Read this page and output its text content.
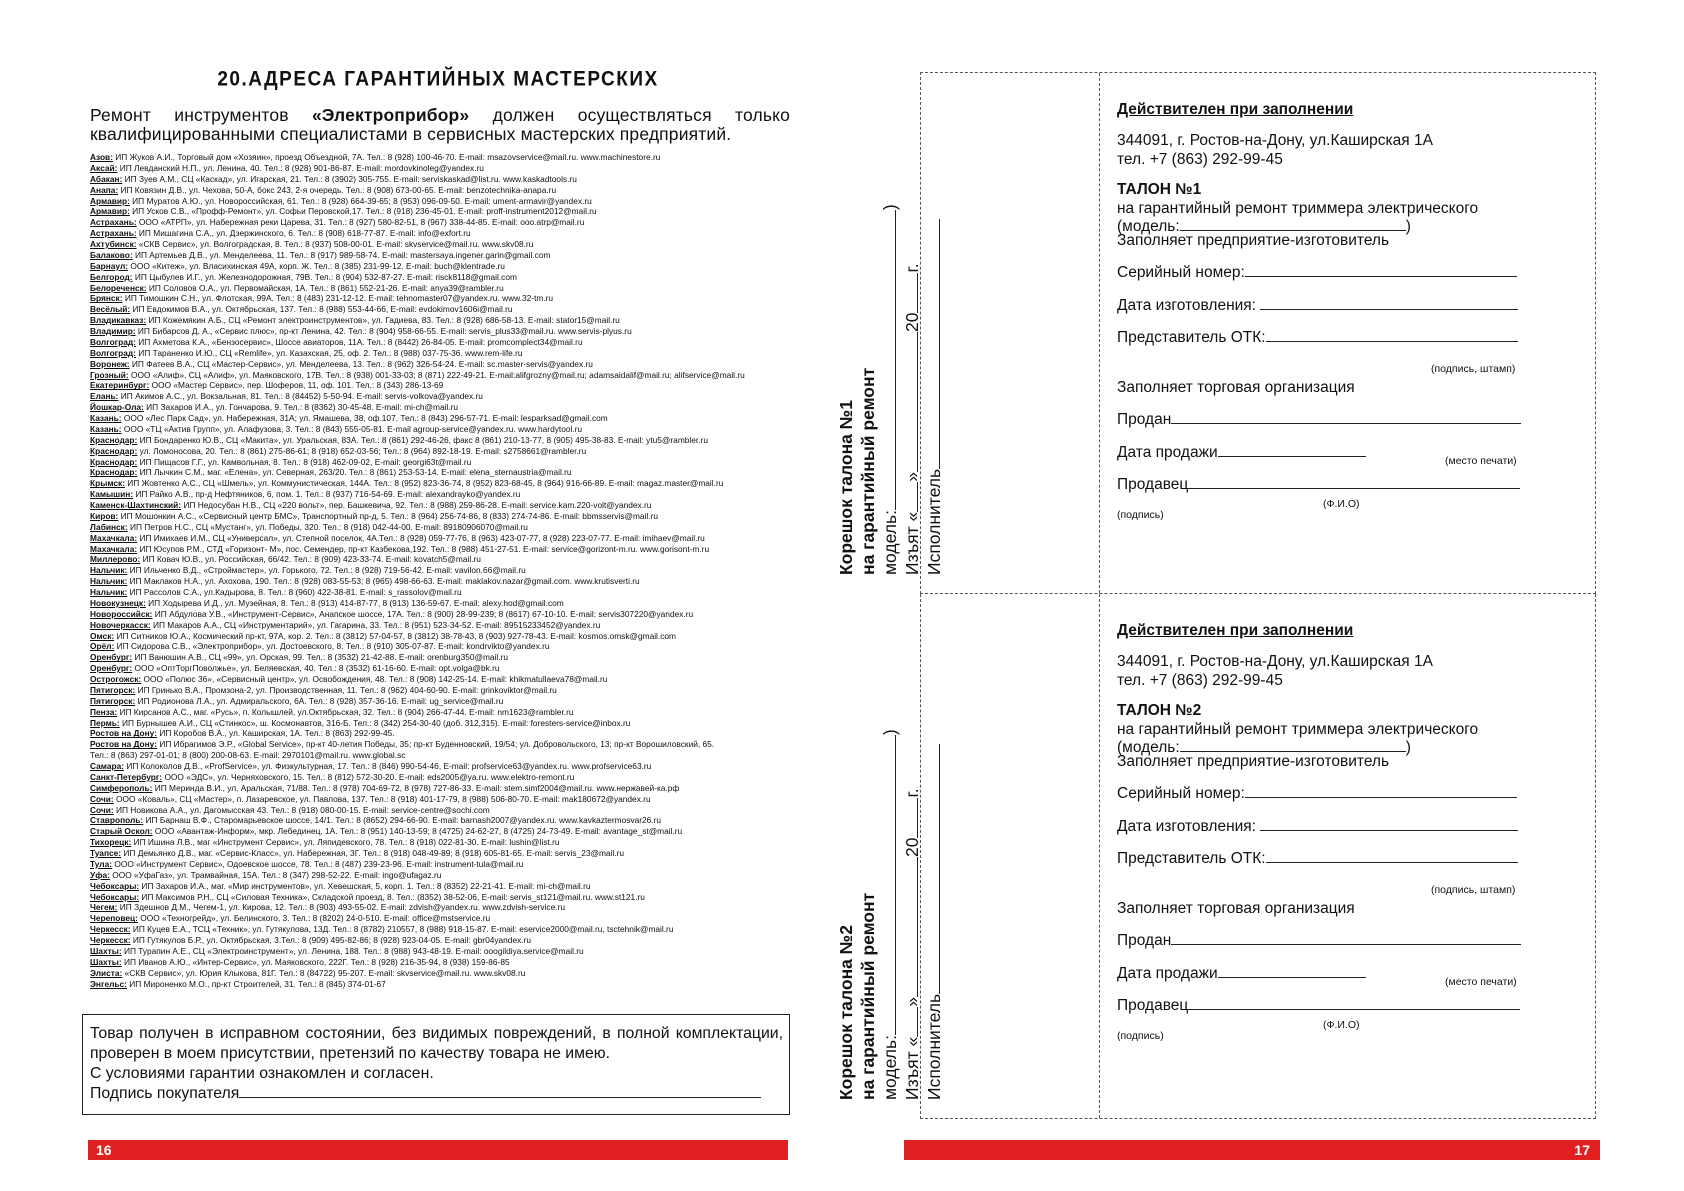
20.АДРЕСА ГАРАНТИЙНЫХ МАСТЕРСКИХ
Ремонт инструментов «Электроприбор» должен осуществляться только квалифицированными специалистами в сервисных мастерских предприятий.
Азов: ИП Жуков А.И., Торговый дом «Хозяин», проезд Объездной, 7А. Тел.: 8 (928) 100-46-70. E-mail: msazovservice@mail.ru. www.machinestore.ru
Аксай: ИП Левданский Н.П., ул. Ленина, 40. Тел.: 8 (928) 901-86-87. E-mail: mordovkinoleg@yandex.ru
Абакан: ИП Зуев А.М., СЦ «Каскад», ул. Игарская, 21. Тел.: 8 (3902) 305-755. E-mail: serviskaskad@list.ru. www.kaskadtools.ru
Анапа: ИП Ковязин Д.В., ул. Чехова, 50-А, бокс 243, 2-я очередь. Тел.: 8 (908) 673-00-65. E-mail: benzotechnika-anapa.ru
Армавир: ИП Муратов А.Ю., ул. Новороссийская, 61. Тел.: 8 (928) 664-39-65; 8 (953) 096-09-50. E-mail: ument-armavir@yandex.ru
Армавир: ИП Усков С.В., «Профф-Ремонт», ул. Софьи Перовской,17. Тел.: 8 (918) 236-45-01. E-mail: proff-instrument2012@mail.ru
Астрахань: ООО «АТРП», ул. Набережная реки Царева, 31. Тел.: 8 (927) 580-82-51, 8 (967) 338-44-85. E-mail: ooo.atrp@mail.ru
Астрахань: ИП Мишагина С.А., ул. Дзержинского, 6. Тел.: 8 (908) 618-77-87. E-mail: info@exfort.ru
Ахтубинск: «СКВ Сервис», ул. Волгоградская, 8. Тел.: 8 (937) 508-00-01. E-mail: skvservice@mail.ru. www.skv08.ru
Балаково: ИП Артемьев Д.В., ул. Менделеева, 11. Тел.: 8 (917) 989-58-74. E-mail: mastersaya.ingener.garin@gmail.com
Барнаул: ООО «Китеж», ул. Власихинская 49А, корп. Ж. Тел.: 8 (385) 231-99-12. E-mail: buch@klentrade.ru
Белгород: ИП Цыбулев И.Г., ул. Железнодорожная, 79В. Тел.: 8 (904) 532-87-27. E-mail: risck8118@gmail.com
Белореченск: ИП Соловов О.А., ул. Первомайская, 1А. Тел.: 8 (861) 552-21-26. E-mail: anya39@rambler.ru
Брянск: ИП Тимошкин С.Н., ул. Флотская, 99А. Тел.: 8 (483) 231-12-12. E-mail: tehnomaster07@yandex.ru. www.32-tm.ru
Весёлый: ИП Евдокимов В.А., ул. Октябрьская, 137. Тел.: 8 (988) 553-44-66, E-mail: evdokimov1606i@mail.ru
Владикавказ: ИП Кожемякин А.Б., СЦ «Ремонт электроинструментов», ул. Гадиева, 83. Тел.: 8 (928) 686-58-13. E-mail: stator15@mail.ru
Владимир: ИП Бибарсов Д. А., «Сервис плюс», пр-кт Ленина, 42. Тел.: 8 (904) 958-66-55. E-mail: servis_plus33@mail.ru. www.servis-plyus.ru
Волгоград: ИП Ахметова К.А., «Бензосервис», Шоссе авиаторов, 11А. Тел.: 8 (8442) 26-84-05. E-mail: promcomplect34@mail.ru
Волгоград: ИП Тараненко И.Ю., СЦ «Remlife», ул. Казахская, 25, оф. 2. Тел.: 8 (988) 037-75-36. www.rem-life.ru
Воронеж: ИП Фатеев В.А., СЦ «Мастер-Сервис», ул. Менделеева, 13. Тел.: 8 (962) 326-54-24. E-mail: sc.master-servis@yandex.ru
Грозный: ООО «Алиф», СЦ «Алиф», ул. Маяковского, 17В. Тел.: 8 (938) 001-33-03; 8 (871) 222-49-21. E-mail:alifgrozny@mail.ru; adamsaidalif@mail.ru; alifservice@mail.ru
Екатеринбург: ООО «Мастер Сервис», пер. Шоферов, 11, оф. 101. Тел.: 8 (343) 286-13-69
Елань: ИП Акимов А.С., ул. Вокзальная, 81. Тел.: 8 (84452) 5-50-94. E-mail: servis-volkova@yandex.ru
Йошкар-Ола: ИП Захаров И.А., ул. Гончарова, 9. Тел.: 8 (8362) 30-45-48. E-mail: mi-ch@mail.ru
Казань: ООО «Лес Парк Сад», ул. Набережная, 31А; ул. Ямашева, 38, оф.107. Тел.: 8 (843) 296-57-71. E-mail: lesparksad@gmail.com
Казань: ООО «ТЦ «Актив Групп», ул. Алафузова, 3. Тел.: 8 (843) 555-05-81. E-mail agroup-service@yandex.ru. www.hardytool.ru
Краснодар: ИП Бондаренко Ю.В., СЦ «Макита», ул. Уральская, 83А. Тел.: 8 (861) 292-46-26, факс 8 (861) 210-13-77, 8 (905) 495-38-83. E-mail: ytu5@rambler.ru
Краснодар: ул. Ломоносова, 20. Тел.: 8 (861) 275-86-61; 8 (918) 652-03-56; Тел.: 8 (964) 892-18-19. E-mail: s2758661@rambler.ru
Краснодар: ИП Пищасов Г.Г., ул. Камвольная, 8. Тел.: 8 (918) 462-09-02, E-mail: georgi63t@mail.ru
Краснодар: ИП Лычкин С.М., маг. «Елена», ул. Северная, 263/20. Тел.: 8 (861) 253-53-14. E-mail: elena_sternaustria@mail.ru
Крымск: ИП Жовтенко А.С., СЦ «Шмель», ул. Коммунистическая, 144А. Тел.: 8 (952) 823-36-74, 8 (952) 823-68-45, 8 (964) 916-66-89. E-mail: magaz.master@mail.ru
Камышин: ИП Райко А.В., пр-д Нефтяников, 6, пом. 1. Тел.: 8 (937) 716-54-69. E-mail: alexandrayko@yandex.ru
Каменск-Шахтинский: ИП Недосубан Н.В., СЦ «220 вольт», пер. Башкевича, 92. Тел.: 8 (988) 259-86-28. E-mail: service.kam.220-volt@yandex.ru
Киров: ИП Мошонкин А.С., «Сервисный центр БМС», Транспортный пр-д, 5. Тел.: 8 (964) 256-74-86, 8 (833) 274-74-86. E-mail: bbmsservis@mail.ru
Лабинск: ИП Петров Н.С., СЦ «Мустанг», ул. Победы, 320. Тел.: 8 (918) 042-44-00. E-mail: 89180906070@mail.ru
Махачкала: ИП Имихаев И.М., СЦ «Универсал», ул. Степной поселок, 4А.Тел.: 8 (928) 059-77-76, 8 (963) 423-07-77, 8 (928) 223-07-77. E-mail: imihaev@mail.ru
Махачкала: ИП Юсупов Р.М., СТД «Горизонт- М», пос. Семендер, пр-кт Казбекова,192. Тел.: 8 (988) 451-27-51. E-mail: service@gorizont-m.ru. www.gorisont-m.ru
Миллерово: ИП Ковач Ю.В., ул. Российская, 66/42. Тел.: 8 (909) 423-33-74. E-mail: kovatch5@mail.ru
Нальчик: ИП Ильченко В.Д., «Строймастер», ул. Горького, 72. Тел.: 8 (928) 719-56-42. E-mail: vavilon.66@mail.ru
Нальчик: ИП Маклаков Н.А., ул. Ахохова, 190. Тел.: 8 (928) 083-55-53; 8 (965) 498-66-63. E-mail: maklakov.nazar@gmail.com. www.krutisverti.ru
Нальчик: ИП Рассолов С.А., ул.Кадырова, 8. Тел.: 8 (960) 422-38-81. E-mail: s_rassolov@mail.ru
Новокузнецк: ИП Ходырева И.Д., ул. Музейная, 8. Тел.: 8 (913) 414-87-77, 8 (913) 136-59-67. E-mail: alexy.hod@gmail.com
Новороссийск: ИП Абдулова У.В., «Инструмент-Сервис», Анапское шоссе, 17А. Тел.: 8 (900) 28-99-239; 8 (8617) 67-10-10. E-mail: servis307220@yandex.ru
Новочеркасск: ИП Макаров А.А., СЦ «Инструментарий», ул. Гагарина, 33. Тел.: 8 (951) 523-34-52. E-mail: 89515233452@yandex.ru
Омск: ИП Ситников Ю.А., Космический пр-кт, 97А, кор. 2. Тел.: 8 (3812) 57-04-57, 8 (3812) 38-78-43, 8 (903) 927-78-43. E-mail: kosmos.omsk@gmail.com
Орёл: ИП Сидорова С.В., «Электроприбор», ул. Достоевского, 8. Тел.: 8 (910) 305-07-87. E-mail: kondrvikto@yandex.ru
Оренбург: ИП Ванюшин А.В., СЦ «99», ул. Орская, 99. Тел.: 8 (3532) 21-42-88. E-mail: orenburg350@mail.ru
Оренбург: ООО «ОптТоргПоволжье», ул. Беляевская, 40. Тел.: 8 (3532) 61-16-60. E-mail: opt.volga@bk.ru
Острогожск: ООО «Полюс 36», «Сервисный центр», ул. Освобождения, 48. Тел.: 8 (908) 142-25-14. E-mail: khikmatullaeva78@mail.ru
Пятигорск: ИП Гринько В.А., Промзона-2, ул. Производственная, 11. Тел.: 8 (962) 404-60-90. E-mail: grinkoviktor@mail.ru
Пятигорск: ИП Родионова Л.А., ул. Адмиральского, 6А. Тел.: 8 (928) 357-36-16. E-mail: ug_service@mail.ru
Пенза: ИП Кирсанов А.С., маг. «Русь», п. Колышлей, ул.Октябрьская, 32. Тел.: 8 (904) 266-47-44. E-mail: nm1623@rambler.ru
Пермь: ИП Бурнышев А.И., СЦ «Стинкос», ш. Космонавтов, 316-Б. Тел.: 8 (342) 254-30-40 (доб. 312,315). E-mail: foresters-service@inbox.ru
Ростов на Дону: ИП Коробов В.А., ул. Каширская, 1А. Тел.: 8 (863) 292-99-45.
Ростов на Дону: ИП Ибрагимов Э.Р., «Global Service», пр-кт 40-летия Победы, 35; пр-кт Буденновский, 19/54; ул. Добровольского, 13; пр-кт Ворошиловский, 65.
Тел.: 8 (863) 297-01-01; 8 (800) 200-08-63. E-mail: 2970101@mail.ru. www.global.sc
Самара: ИП Колоколов Д.В., «ProfService», ул. Физкультурная, 17. Тел.: 8 (846) 990-54-46, E-mail: profservice63@yandex.ru. www.profservice63.ru
Санкт-Петербург: ООО «ЭДС», ул. Черняховского, 15. Тел.: 8 (812) 572-30-20. E-mail: eds2005@ya.ru. www.elektro-remont.ru
Симферополь: ИП Меринда В.И., ул. Аральская, 71/88. Тел.: 8 (978) 704-69-72, 8 (978) 727-86-33. E-mail: stem.simf2004@mail.ru. www.нержавей-ка.рф
Сочи: ООО «Коваль», СЦ «Мастер», п. Лазаревское, ул. Павлова, 137. Тел.: 8 (918) 401-17-79, 8 (988) 506-80-70. E-mail: mak180672@yandex.ru
Сочи: ИП Новикова А.А., ул. Дагомысская 43. Тел.: 8 (918) 080-00-15. E-mail: service-centre@sochi.com
Ставрополь: ИП Барнаш В.Ф., Старомарьевское шоссе, 14/1. Тел.: 8 (8652) 294-66-90. E-mail: barnash2007@yandex.ru. www.kavkaztermosvar26.ru
Старый Оскол: ООО «Авантаж-Информ», мкр. Лебединец, 1А. Тел.: 8 (951) 140-13-59; 8 (4725) 24-62-27, 8 (4725) 24-73-49. E-mail: avantage_st@mail.ru
Тихорецк: ИП Ишина Л.В., маг «Инструмент Сервис», ул. Ляпидевского, 78. Тел.: 8 (918) 022-81-30. E-mail: lushin@list.ru
Туапсе: ИП Демьянко Д.В., маг. «Сервис-Класс», ул. Набережная, 3Г. Тел.: 8 (918) 048-49-89; 8 (918) 605-81-65. E-mail: servis_23@mail.ru
Тула: ООО «Инструмент Сервис», Одоевское шоссе, 78. Тел.: 8 (487) 239-23-96. E-mail: instrument-tula@mail.ru
Уфа: ООО «УфаГаз», ул. Трамвайная, 15А. Тел.: 8 (347) 298-52-22. E-mail: ingo@ufagaz.ru
Чебоксары: ИП Захаров И.А., маг. «Мир инструментов», ул. Хевешская, 5, корп. 1. Тел.: 8 (8352) 22-21-41. E-mail: mi-ch@mail.ru
Чебоксары: ИП Максимов Р.Н., СЦ «Силовая Техника», Складской проезд, 8. Тел.: (8352) 38-52-06, E-mail: servis_st121@mail.ru. www.st121.ru
Чегем: ИП Здешнов Д.М., Чегем-1, ул. Кирова, 12. Тел.: 8 (903) 493-55-02. E-mail: zdvish@yandex.ru. www.zdvish-service.ru
Череповец: ООО «Техногрейд», ул. Белинского, 3. Тел.: 8 (8202) 24-0-510. E-mail: office@mstservice.ru
Черкесск: ИП Куцев Е.А., ТСЦ «Техник», ул. Гутякулова, 13Д. Тел.: 8 (8782) 210557, 8 (988) 918-15-87. E-mail: eservice2000@mail.ru, tsctehnik@mail.ru
Черкесск: ИП Гутякулов Б.Р., ул. Октябрьская, 3.Тел.: 8 (909) 495-82-86; 8 (928) 923-04-05. E-mail: gbr04yandex.ru
Шахты: ИП Турапин А.Е., СЦ «Электроинструмент», ул. Ленина, 188. Тел.: 8 (988) 943-48-19. E-mail: ooogildiya.service@mail.ru
Шахты: ИП Иванов А.Ю., «Интер-Сервис», ул. Маяковского, 222Г. Тел.: 8 (928) 216-35-94, 8 (938) 159-86-85
Элиста: «СКВ Сервис», ул. Юрия Клыкова, 81Г. Тел.: 8 (84722) 95-207. E-mail: skvservice@mail.ru. www.skv08.ru
Энгельс: ИП Мироненко М.О., пр-кт Строителей, 31. Тел.: 8 (845) 374-01-67
Товар получен в исправном состоянии, без видимых повреждений, в полной комплектации, проверен в моем присутствии, претензий по качеству товара не имею.
С условиями гарантии ознакомлен и согласен.
Подпись покупателя
16
Корешок талона №1 на гарантийный ремонт модель:)
Изъят «»20г.
Исполнитель
Действителен при заполнении
344091, г. Ростов-на-Дону, ул.Каширская 1А
тел. +7 (863) 292-99-45
ТАЛОН №1
на гарантийный ремонт триммера электрического
(модель:	)
Заполняет предприятие-изготовитель
Серийный номер:
Дата изготовления:
Представитель ОТК:
(подпись, штамп)
Заполняет торговая организация
Продан
Дата продажи	(место печати)
Продавец
(Ф.И.О)
(подпись)
Корешок талона №2 на гарантийный ремонт модель:)
Изъят «»20г.
Исполнитель
Действителен при заполнении
344091, г. Ростов-на-Дону, ул.Каширская 1А
тел. +7 (863) 292-99-45
ТАЛОН №2
на гарантийный ремонт триммера электрического
(модель:	)
Заполняет предприятие-изготовитель
Серийный номер:
Дата изготовления:
Представитель ОТК:
(подпись, штамп)
Заполняет торговая организация
Продан
Дата продажи	(место печати)
Продавец
(Ф.И.О)
(подпись)
17
